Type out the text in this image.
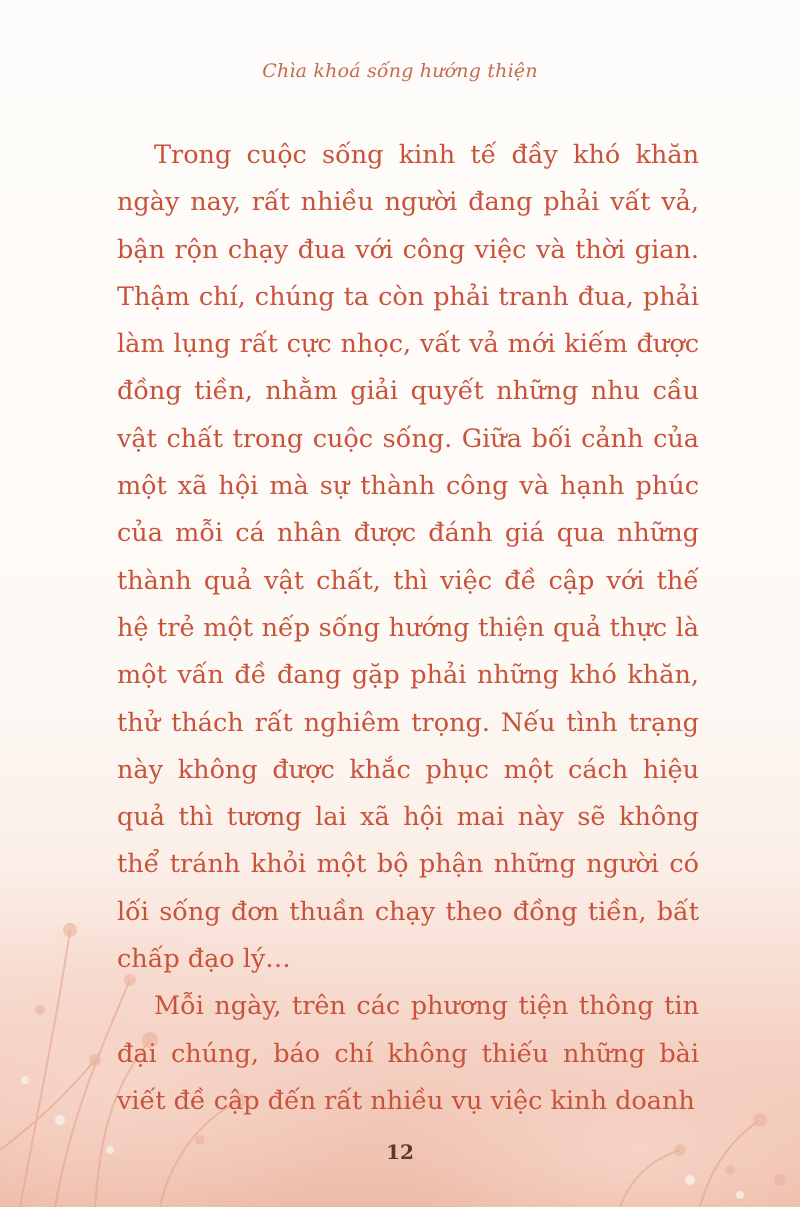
Chìa khoá sống hướng thiện

Trong cuộc sống kinh tế đầy khó khăn ngày nay, rất nhiều người đang phải vất vả, bận rộn chạy đua với công việc và thời gian. Thậm chí, chúng ta còn phải tranh đua, phải làm lụng rất cực nhọc, vất vả mới kiếm được đồng tiền, nhằm giải quyết những nhu cầu vật chất trong cuộc sống. Giữa bối cảnh của một xã hội mà sự thành công và hạnh phúc của mỗi cá nhân được đánh giá qua những thành quả vật chất, thì việc đề cập với thế hệ trẻ một nếp sống hướng thiện quả thực là một vấn đề đang gặp phải những khó khăn, thử thách rất nghiêm trọng. Nếu tình trạng này không được khắc phục một cách hiệu quả thì tương lai xã hội mai này sẽ không thể tránh khỏi một bộ phận những người có lối sống đơn thuần chạy theo đồng tiền, bất chấp đạo lý…

Mỗi ngày, trên các phương tiện thông tin đại chúng, báo chí không thiếu những bài viết đề cập đến rất nhiều vụ việc kinh doanh

12
